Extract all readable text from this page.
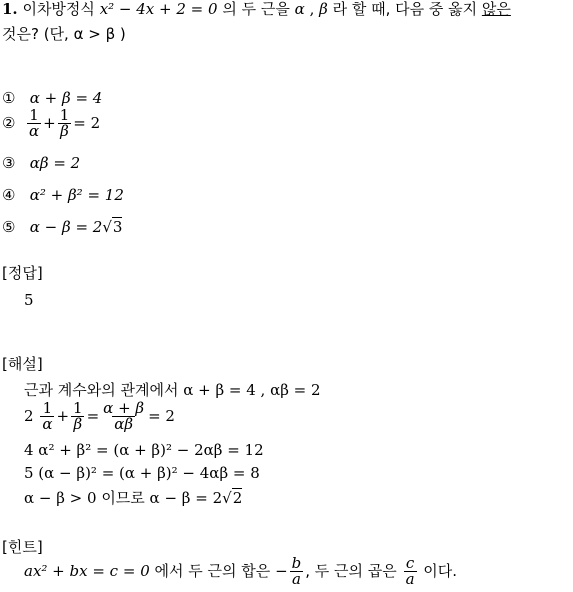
1. 이차방정식 x² − 4x + 2 = 0 의 두 근을 α , β 라 할 때, 다음 중 옳지 않은
것은? (단, α > β )
① α + β = 4
②
$\frac{1}{\alpha} + \frac{1}{\beta} = 2$
③ αβ = 2
④ α² + β² = 12
⑤ α − β = 2√3
[정답]
5
[해설]
근과 계수와의 관계에서 α + β = 4 , αβ = 2
2
$\frac{1}{\alpha} + \frac{1}{\beta} = \frac{\alpha + \beta}{\alpha\beta} = 2$
4 α² + β² = (α + β)² − 2αβ = 12
5 (α − β)² = (α + β)² − 4αβ = 8
α − β > 0 이므로 α − β = 2√2
[힌트]
ax² + bx = c = 0
에서 두 근의 합은
− $\frac{b}{a}$ , 두 근의 곱은
$\frac{c}{a}$
이다.
